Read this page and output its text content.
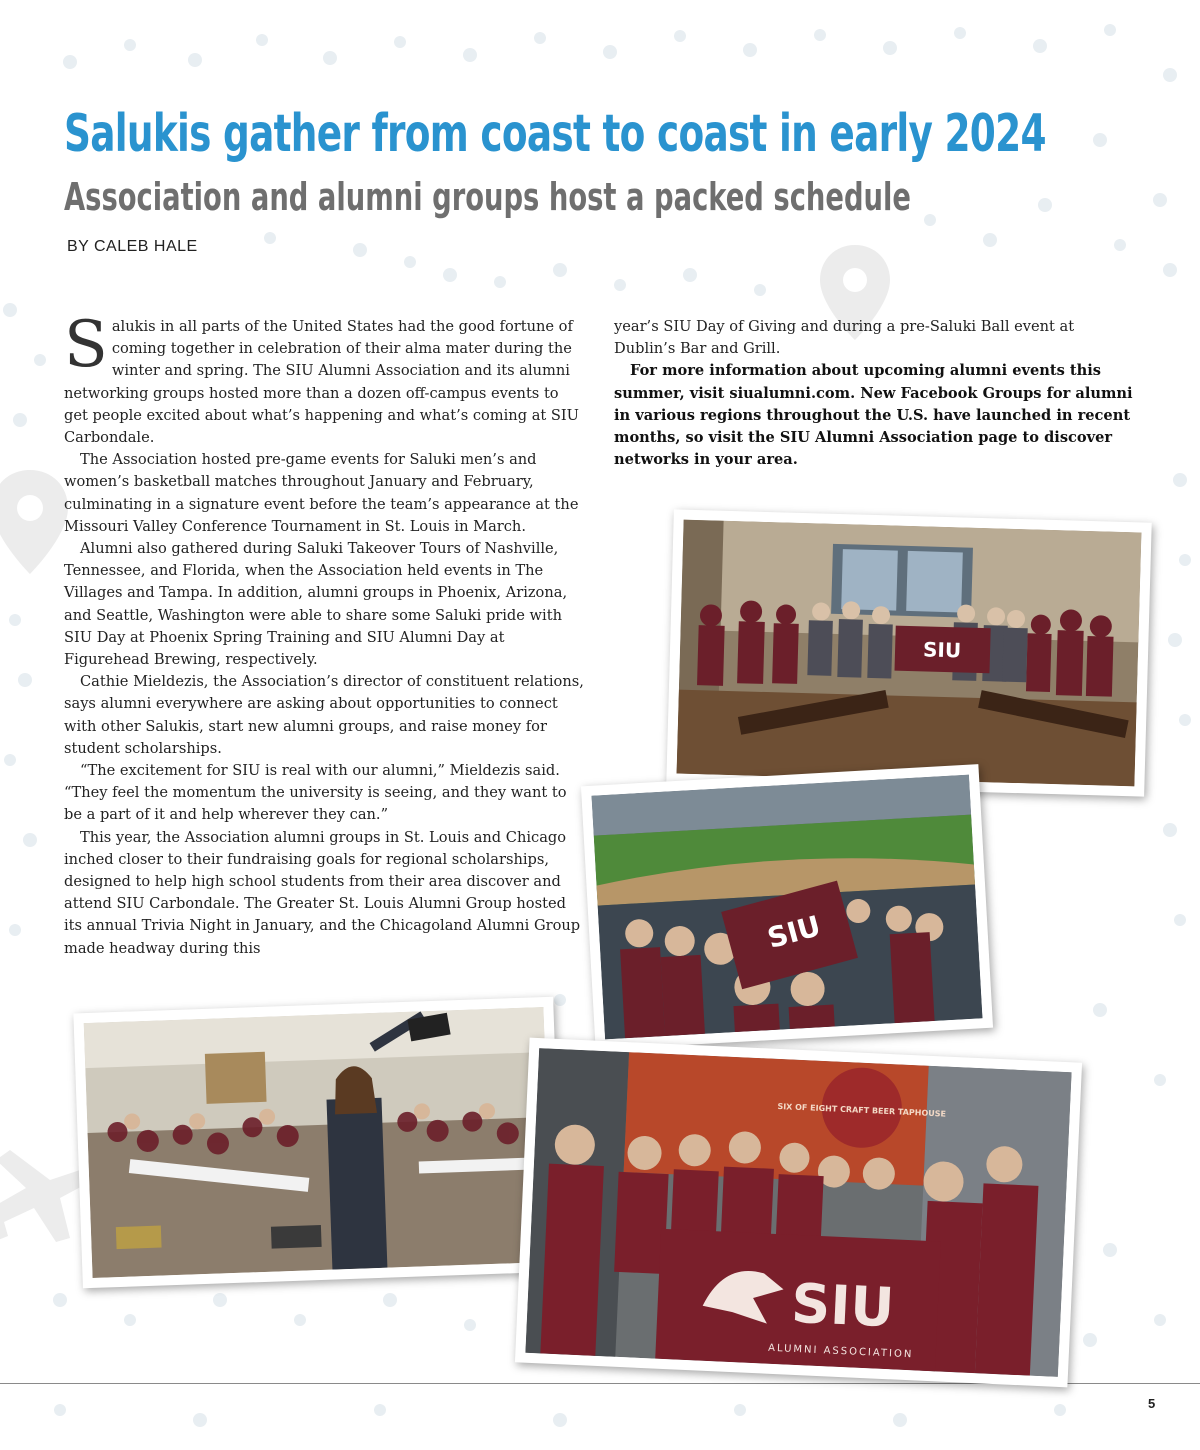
Salukis gather from coast to coast in early 2024
Association and alumni groups host a packed schedule
BY CALEB HALE

Salukis in all parts of the United States had the good fortune of coming together in celebration of their alma mater during the winter and spring. The SIU Alumni Association and its alumni networking groups hosted more than a dozen off-campus events to get people excited about what’s happening and what’s coming at SIU Carbondale.

The Association hosted pre-game events for Saluki men’s and women’s basketball matches throughout January and February, culminating in a signature event before the team’s appearance at the Missouri Valley Conference Tournament in St. Louis in March.

Alumni also gathered during Saluki Takeover Tours of Nashville, Tennessee, and Florida, when the Association held events in The Villages and Tampa. In addition, alumni groups in Phoenix, Arizona, and Seattle, Washington were able to share some Saluki pride with SIU Day at Phoenix Spring Training and SIU Alumni Day at Figurehead Brewing, respectively.

Cathie Mieldezis, the Association’s director of constituent relations, says alumni everywhere are asking about opportunities to connect with other Salukis, start new alumni groups, and raise money for student scholarships.

“The excitement for SIU is real with our alumni,” Mieldezis said. “They feel the momentum the university is seeing, and they want to be a part of it and help wherever they can.”

This year, the Association alumni groups in St. Louis and Chicago inched closer to their fundraising goals for regional scholarships, designed to help high school students from their area discover and attend SIU Carbondale. The Greater St. Louis Alumni Group hosted its annual Trivia Night in January, and the Chicagoland Alumni Group made headway during this

year’s SIU Day of Giving and during a pre-Saluki Ball event at Dublin’s Bar and Grill.

For more information about upcoming alumni events this summer, visit siualumni.com. New Facebook Groups for alumni in various regions throughout the U.S. have launched in recent months, so visit the SIU Alumni Association page to discover networks in your area.

SIU
SIU
SIX OF EIGHT CRAFT BEER TAPHOUSE
SIU
ALUMNI ASSOCIATION
5
